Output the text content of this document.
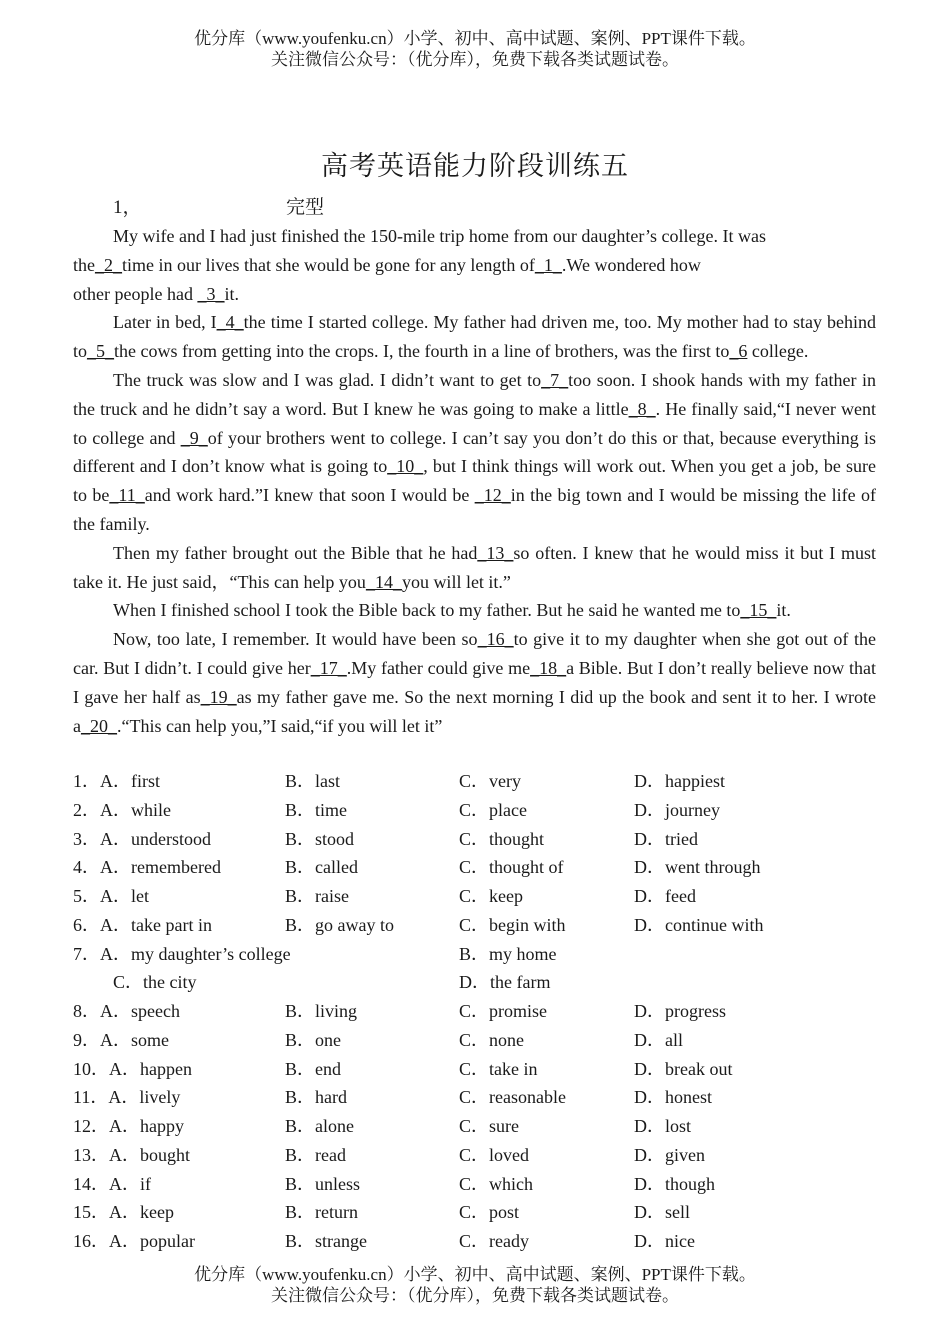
优分库（www.youfenku.cn）小学、初中、高中试题、案例、PPT课件下载。
关注微信公众号：（优分库），免费下载各类试题试卷。
高考英语能力阶段训练五
1，	完型

My wife and I had just finished the 150-mile trip home from our daughter’s college. It was
the_2_time in our lives that she would be gone for any length of_1_.We wondered how
other people had _3_it.

Later in bed, I_4_the time I started college. My father had driven me, too. My mother had to stay behind to_5_the cows from getting into the crops. I, the fourth in a line of brothers, was the first to_6 college.

The truck was slow and I was glad. I didn’t want to get to_7_too soon. I shook hands with my father in the truck and he didn’t say a word. But I knew he was going to make a little_8_. He finally said,“I never went to college and _9_of your brothers went to college. I can’t say you don’t do this or that, because everything is different and I don’t know what is going to_10_, but I think things will work out. When you get a job, be sure to be_11_and work hard.”I knew that soon I would be _12_in the big town and I would be missing the life of the family.

Then my father brought out the Bible that he had_13_so often. I knew that he would miss it but I must take it. He just said，“This can help you_14_you will let it.”

When I finished school I took the Bible back to my father. But he said he wanted me to_15_it.

Now, too late, I remember. It would have been so_16_to give it to my daughter when she got out of the car. But I didn’t. I could give her_17_.My father could give me_18_a Bible. But I don’t really believe now that I gave her half as_19_as my father gave me. So the next morning I did up the book and sent it to her. I wrote a_20_.“This can help you,”I said,“if you will let it”

1．A．first	B．last	C．very	D．happiest
2．A．while	B．time	C．place	D．journey
3．A．understood	B．stood	C．thought	D．tried
4．A．remembered	B．called	C．thought of	D．went through
5．A．let	B．raise	C．keep	D．feed
6．A．take part in	B．go away to	C．begin with	D．continue with
7．A．my daughter’s college	B．my home
C．the city	D．the farm
8．A．speech	B．living	C．promise	D．progress
9．A．some	B．one	C．none	D．all
10．A．happen	B．end	C．take in	D．break out
11．A．lively	B．hard	C．reasonable	D．honest
12．A．happy	B．alone	C．sure	D．lost
13．A．bought	B．read	C．loved	D．given
14．A．if	B．unless	C．which	D．though
15．A．keep	B．return	C．post	D．sell
16．A．popular	B．strange	C．ready	D．nice
优分库（www.youfenku.cn）小学、初中、高中试题、案例、PPT课件下载。
关注微信公众号：（优分库），免费下载各类试题试卷。
